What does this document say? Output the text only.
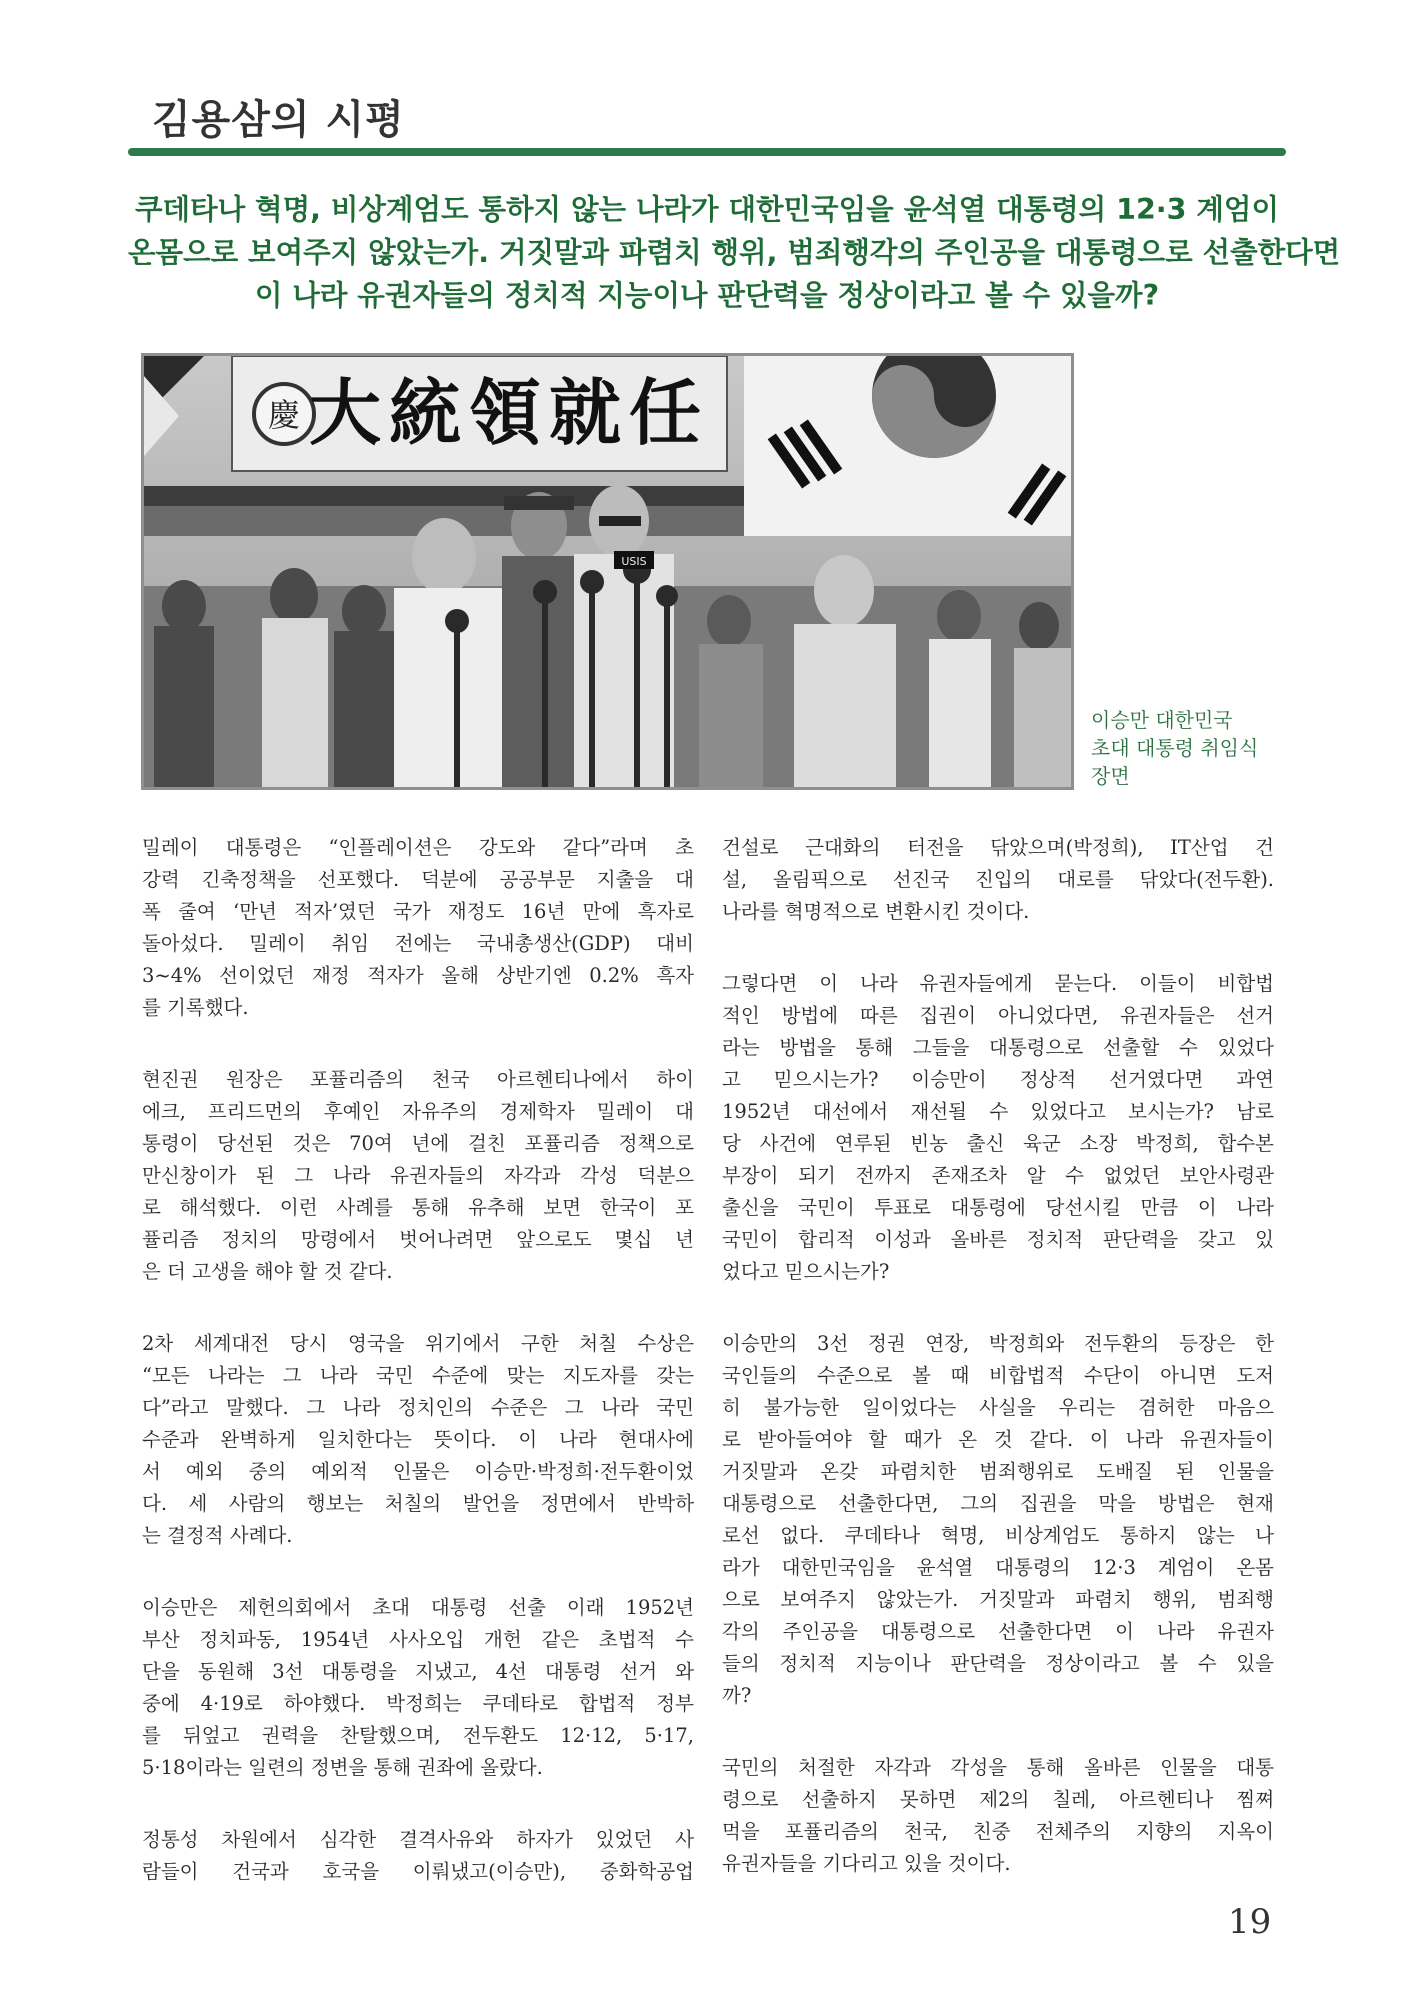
김용삼의 시평
쿠데타나 혁명, 비상계엄도 통하지 않는 나라가 대한민국임을 윤석열 대통령의 12·3 계엄이
온몸으로 보여주지 않았는가. 거짓말과 파렴치 행위, 범죄행각의 주인공을 대통령으로 선출한다면
이 나라 유권자들의 정치적 지능이나 판단력을 정상이라고 볼 수 있을까?
慶 大統領就任
USIS
이승만 대한민국
초대 대통령 취임식
장면
밀레이 대통령은 “인플레이션은 강도와 같다”라며 초
강력 긴축정책을 선포했다. 덕분에 공공부문 지출을 대
폭 줄여 ‘만년 적자’였던 국가 재정도 16년 만에 흑자로
돌아섰다. 밀레이 취임 전에는 국내총생산(GDP) 대비
3~4% 선이었던 재정 적자가 올해 상반기엔 0.2% 흑자
를 기록했다.
현진권 원장은 포퓰리즘의 천국 아르헨티나에서 하이
에크, 프리드먼의 후예인 자유주의 경제학자 밀레이 대
통령이 당선된 것은 70여 년에 걸친 포퓰리즘 정책으로
만신창이가 된 그 나라 유권자들의 자각과 각성 덕분으
로 해석했다. 이런 사례를 통해 유추해 보면 한국이 포
퓰리즘 정치의 망령에서 벗어나려면 앞으로도 몇십 년
은 더 고생을 해야 할 것 같다.
2차 세계대전 당시 영국을 위기에서 구한 처칠 수상은
“모든 나라는 그 나라 국민 수준에 맞는 지도자를 갖는
다”라고 말했다. 그 나라 정치인의 수준은 그 나라 국민
수준과 완벽하게 일치한다는 뜻이다. 이 나라 현대사에
서 예외 중의 예외적 인물은 이승만·박정희·전두환이었
다. 세 사람의 행보는 처칠의 발언을 정면에서 반박하
는 결정적 사례다.
이승만은 제헌의회에서 초대 대통령 선출 이래 1952년
부산 정치파동, 1954년 사사오입 개헌 같은 초법적 수
단을 동원해 3선 대통령을 지냈고, 4선 대통령 선거 와
중에 4·19로 하야했다. 박정희는 쿠데타로 합법적 정부
를 뒤엎고 권력을 찬탈했으며, 전두환도 12·12, 5·17,
5·18이라는 일련의 정변을 통해 권좌에 올랐다.
정통성 차원에서 심각한 결격사유와 하자가 있었던 사
람들이 건국과 호국을 이뤄냈고(이승만), 중화학공업
건설로 근대화의 터전을 닦았으며(박정희), IT산업 건
설, 올림픽으로 선진국 진입의 대로를 닦았다(전두환).
나라를 혁명적으로 변환시킨 것이다.
그렇다면 이 나라 유권자들에게 묻는다. 이들이 비합법
적인 방법에 따른 집권이 아니었다면, 유권자들은 선거
라는 방법을 통해 그들을 대통령으로 선출할 수 있었다
고 믿으시는가? 이승만이 정상적 선거였다면 과연
1952년 대선에서 재선될 수 있었다고 보시는가? 남로
당 사건에 연루된 빈농 출신 육군 소장 박정희, 합수본
부장이 되기 전까지 존재조차 알 수 없었던 보안사령관
출신을 국민이 투표로 대통령에 당선시킬 만큼 이 나라
국민이 합리적 이성과 올바른 정치적 판단력을 갖고 있
었다고 믿으시는가?
이승만의 3선 정권 연장, 박정희와 전두환의 등장은 한
국인들의 수준으로 볼 때 비합법적 수단이 아니면 도저
히 불가능한 일이었다는 사실을 우리는 겸허한 마음으
로 받아들여야 할 때가 온 것 같다. 이 나라 유권자들이
거짓말과 온갖 파렴치한 범죄행위로 도배질 된 인물을
대통령으로 선출한다면, 그의 집권을 막을 방법은 현재
로선 없다. 쿠데타나 혁명, 비상계엄도 통하지 않는 나
라가 대한민국임을 윤석열 대통령의 12·3 계엄이 온몸
으로 보여주지 않았는가. 거짓말과 파렴치 행위, 범죄행
각의 주인공을 대통령으로 선출한다면 이 나라 유권자
들의 정치적 지능이나 판단력을 정상이라고 볼 수 있을
까?
국민의 처절한 자각과 각성을 통해 올바른 인물을 대통
령으로 선출하지 못하면 제2의 칠레, 아르헨티나 찜쪄
먹을 포퓰리즘의 천국, 친중 전체주의 지향의 지옥이
유권자들을 기다리고 있을 것이다.
19
